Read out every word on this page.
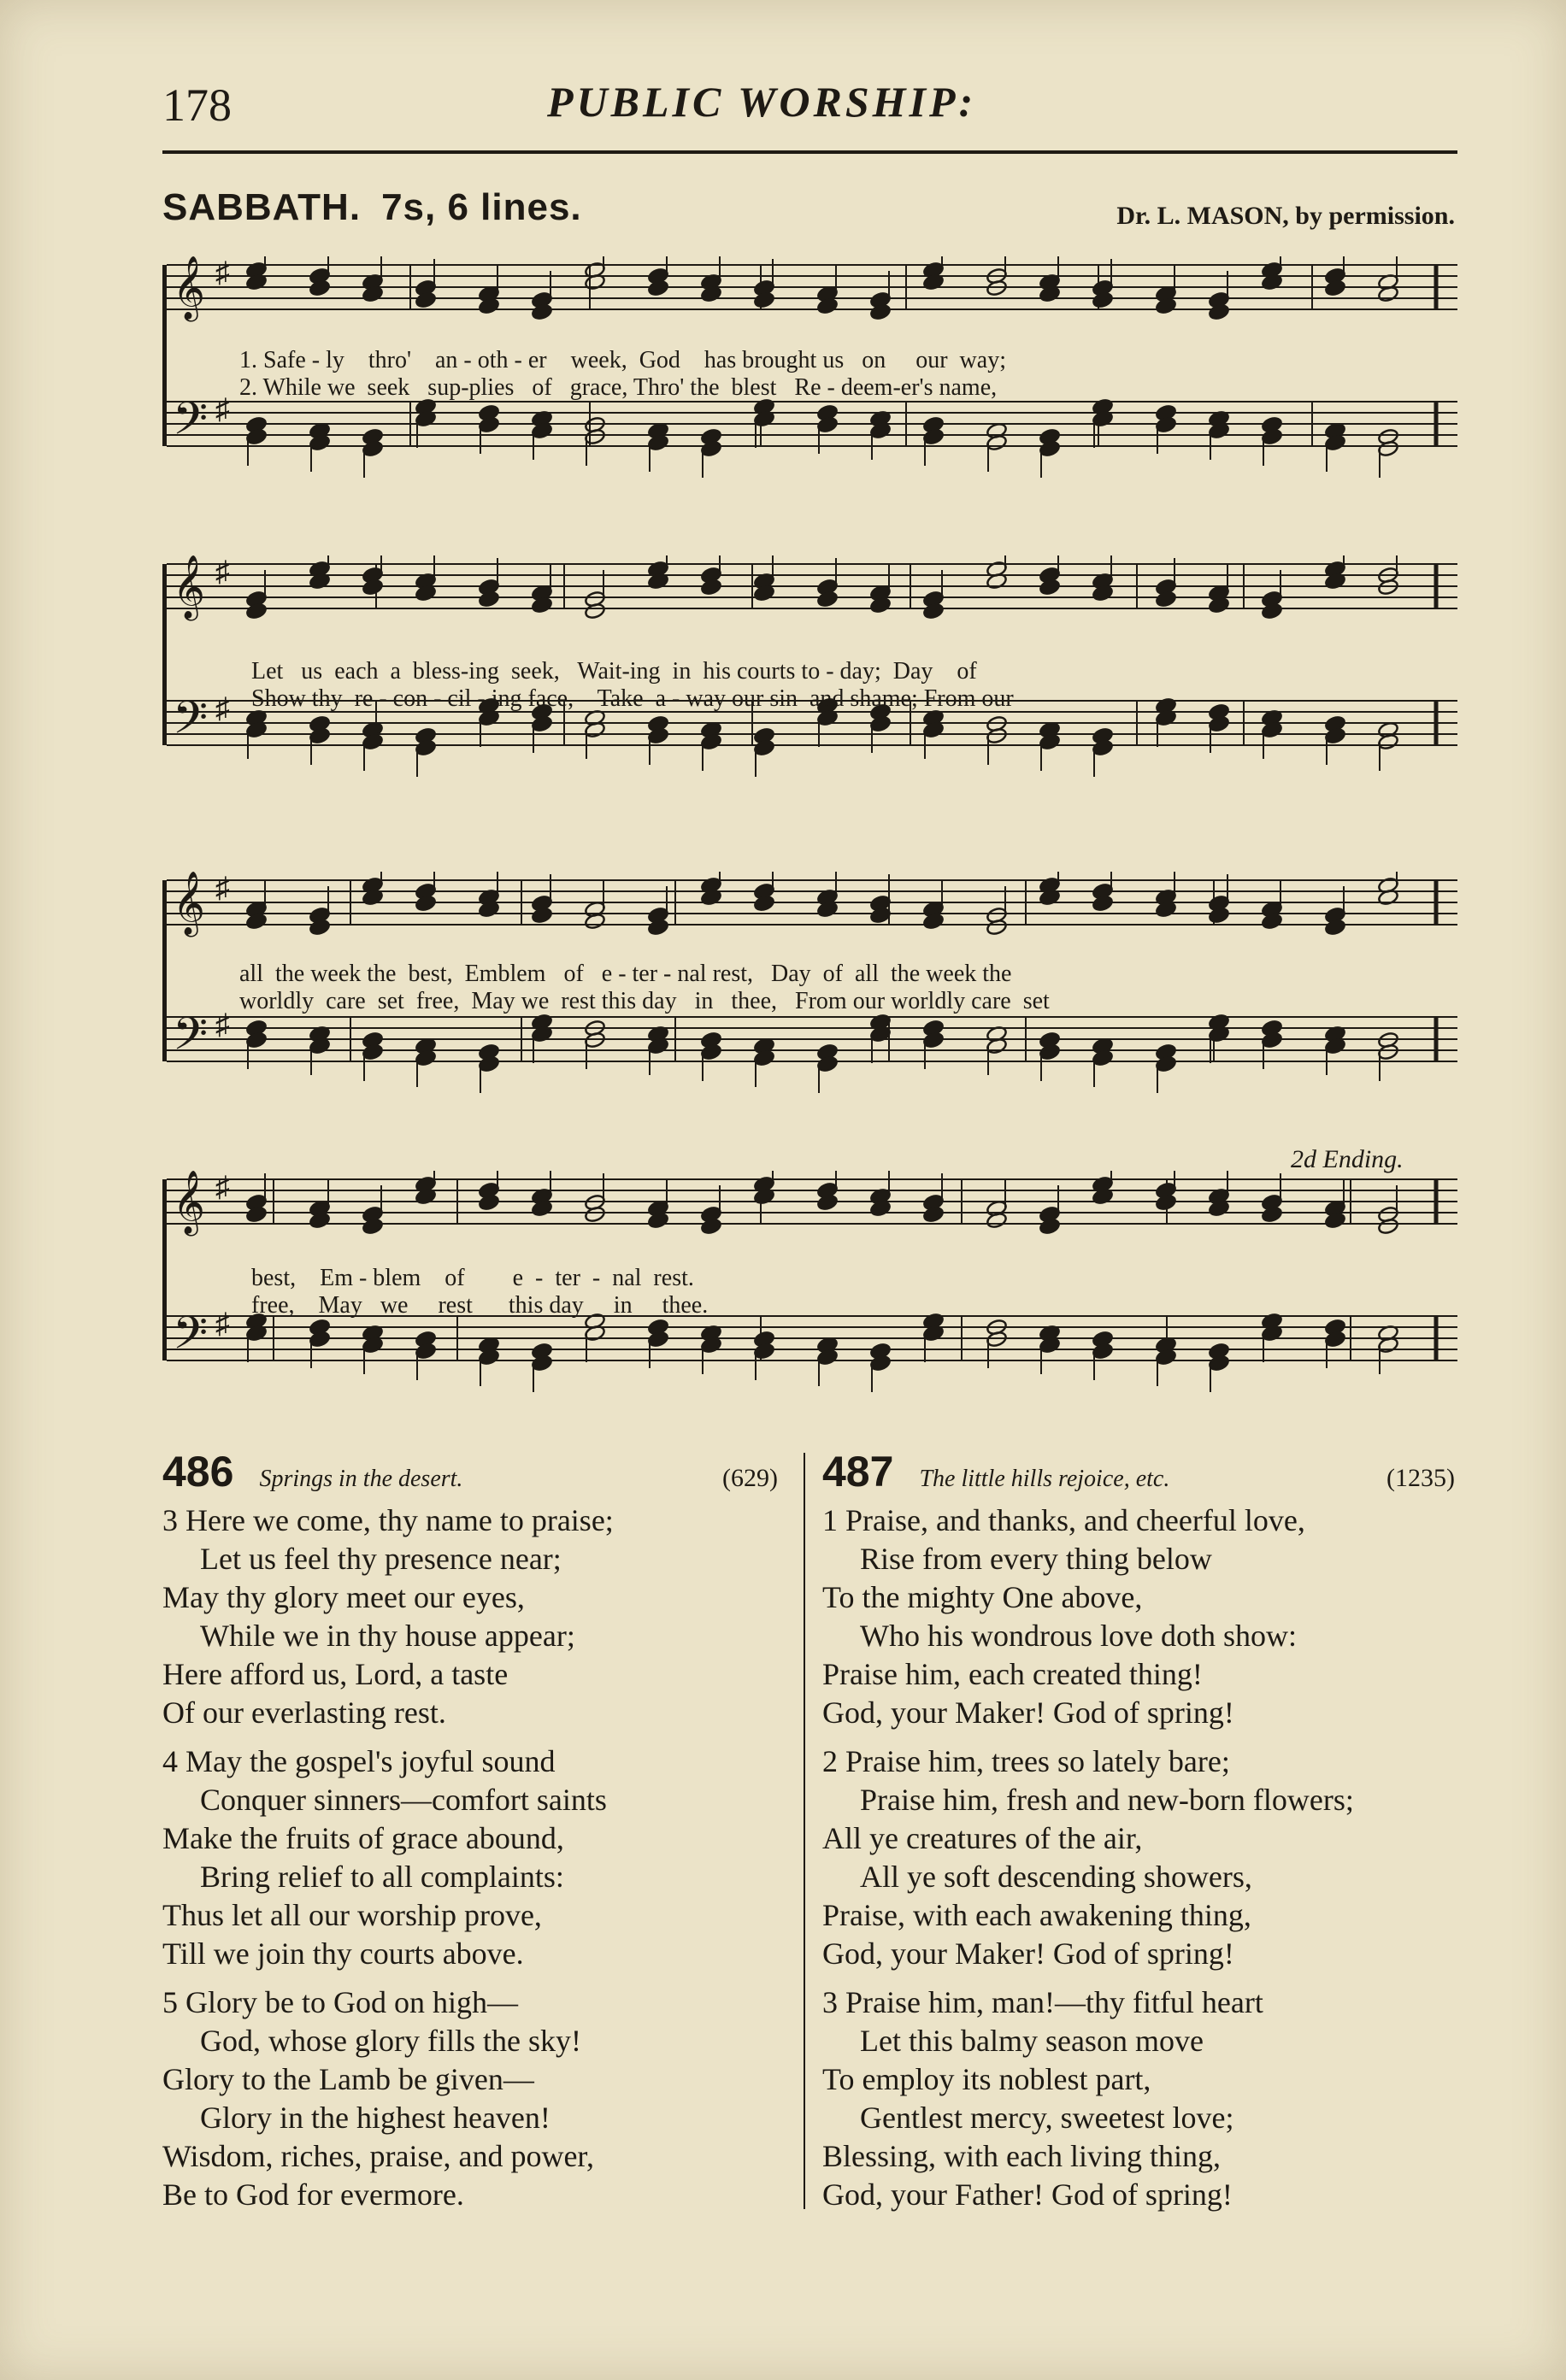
178	PUBLIC WORSHIP:
SABBATH. 7s, 6 lines.	Dr. L. MASON, by permission.
𝄞 ♯
𝄢 ♯
1. Safe - ly    thro'    an - oth - er    week,  God    has brought us   on     our  way;
2. While we  seek   sup-plies   of   grace, Thro' the  blest   Re - deem-er's name,
𝄞 ♯
𝄢 ♯
Let   us  each  a  bless-ing  seek,   Wait-ing  in  his courts to - day;  Day    of
Show thy  re - con - cil - ing face,    Take  a - way our sin  and shame; From our
𝄞 ♯
𝄢 ♯
all  the week the  best,  Emblem   of   e - ter - nal rest,   Day  of  all  the week the
worldly  care  set  free,  May we  rest this day   in   thee,   From our worldly care  set
2d Ending.
𝄞 ♯
𝄢 ♯
best,    Em - blem    of        e  -  ter  -  nal  rest.
free,    May   we     rest      this day     in     thee.
486 Springs in the desert.	(629)
3 Here we come, thy name to praise;
Let us feel thy presence near;
May thy glory meet our eyes,
While we in thy house appear;
Here afford us, Lord, a taste
Of our everlasting rest.
4 May the gospel's joyful sound
Conquer sinners—comfort saints
Make the fruits of grace abound,
Bring relief to all complaints:
Thus let all our worship prove,
Till we join thy courts above.
5 Glory be to God on high—
God, whose glory fills the sky!
Glory to the Lamb be given—
Glory in the highest heaven!
Wisdom, riches, praise, and power,
Be to God for evermore.
487 The little hills rejoice, etc.	(1235)
1 Praise, and thanks, and cheerful love,
Rise from every thing below
To the mighty One above,
Who his wondrous love doth show:
Praise him, each created thing!
God, your Maker! God of spring!
2 Praise him, trees so lately bare;
Praise him, fresh and new-born flowers;
All ye creatures of the air,
All ye soft descending showers,
Praise, with each awakening thing,
God, your Maker! God of spring!
3 Praise him, man!—thy fitful heart
Let this balmy season move
To employ its noblest part,
Gentlest mercy, sweetest love;
Blessing, with each living thing,
God, your Father! God of spring!
